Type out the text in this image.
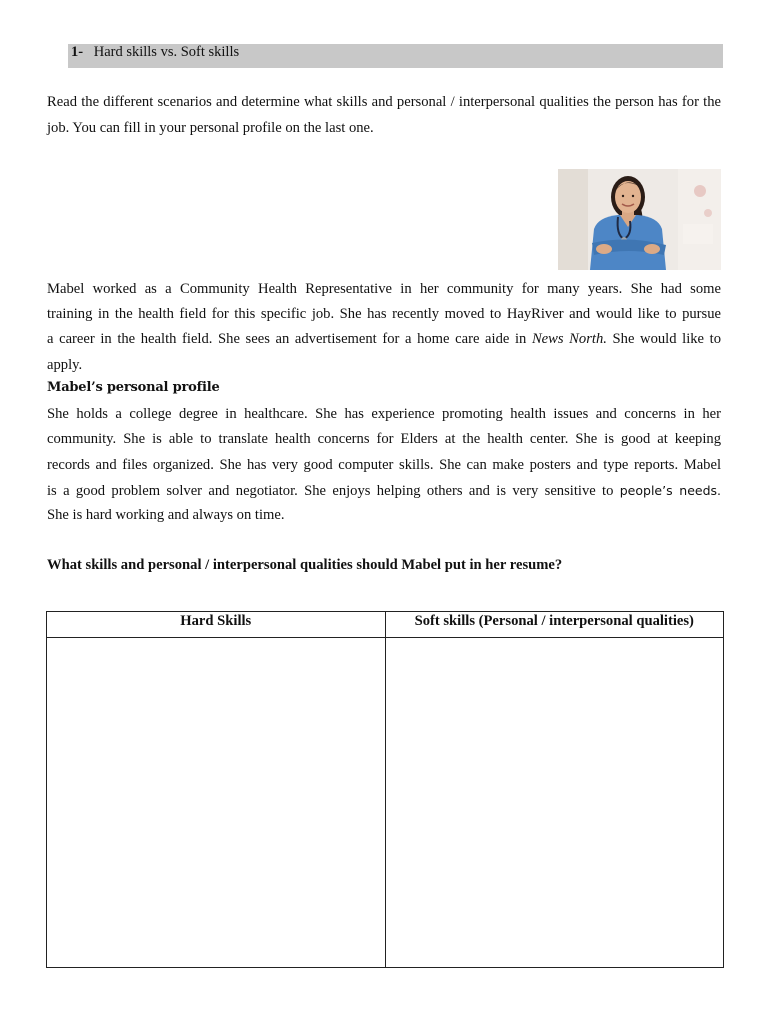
1- Hard skills vs. Soft skills

Read the different scenarios and determine what skills and personal / interpersonal qualities the person has for the job. You can fill in your personal profile on the last one.

Mabel worked as a Community Health Representative in her community for many years. She had some
training in the health field for this specific job. She has recently moved to HayRiver and would like to pursue
a career in the health field. She sees an advertisement for a home care aide in News North. She would like to
apply.
Mabel’s personal profile
She holds a college degree in healthcare. She has experience promoting health issues and concerns in her
community. She is able to translate health concerns for Elders at the health center. She is good at keeping
records and files organized. She has very good computer skills. She can make posters and type reports. Mabel
is a good problem solver and negotiator. She enjoys helping others and is very sensitive to people’s needs.
She is hard working and always on time.
What skills and personal / interpersonal qualities should Mabel put in her resume?
Hard Skills	Soft skills (Personal / interpersonal qualities)
